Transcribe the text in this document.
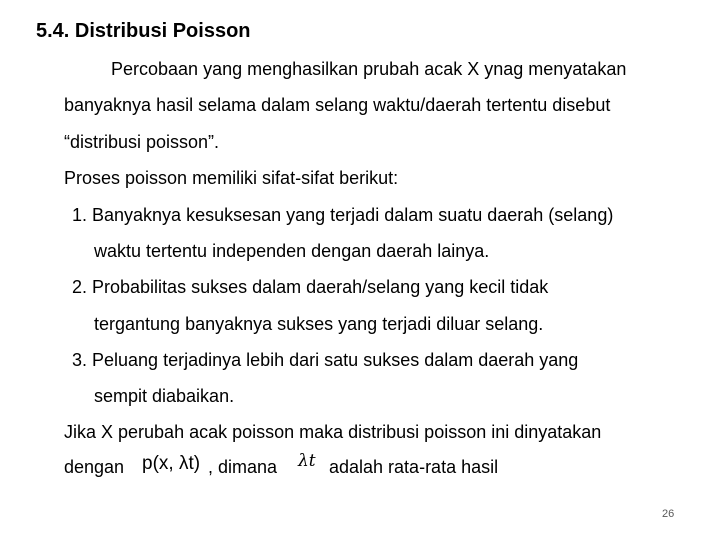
5.4. Distribusi Poisson
Percobaan yang menghasilkan prubah acak X ynag menyatakan
banyaknya hasil selama dalam selang waktu/daerah tertentu disebut
“distribusi poisson”.
Proses poisson memiliki sifat-sifat berikut:
1. Banyaknya kesuksesan yang terjadi dalam suatu daerah (selang)
waktu tertentu independen dengan daerah lainya.
2. Probabilitas sukses dalam daerah/selang yang kecil tidak
tergantung banyaknya sukses yang terjadi diluar selang.
3. Peluang terjadinya lebih dari satu sukses dalam daerah yang
sempit diabaikan.
Jika X perubah acak poisson maka distribusi poisson ini dinyatakan
dengan p(x, λt) , dimana λt adalah rata-rata hasil
26
